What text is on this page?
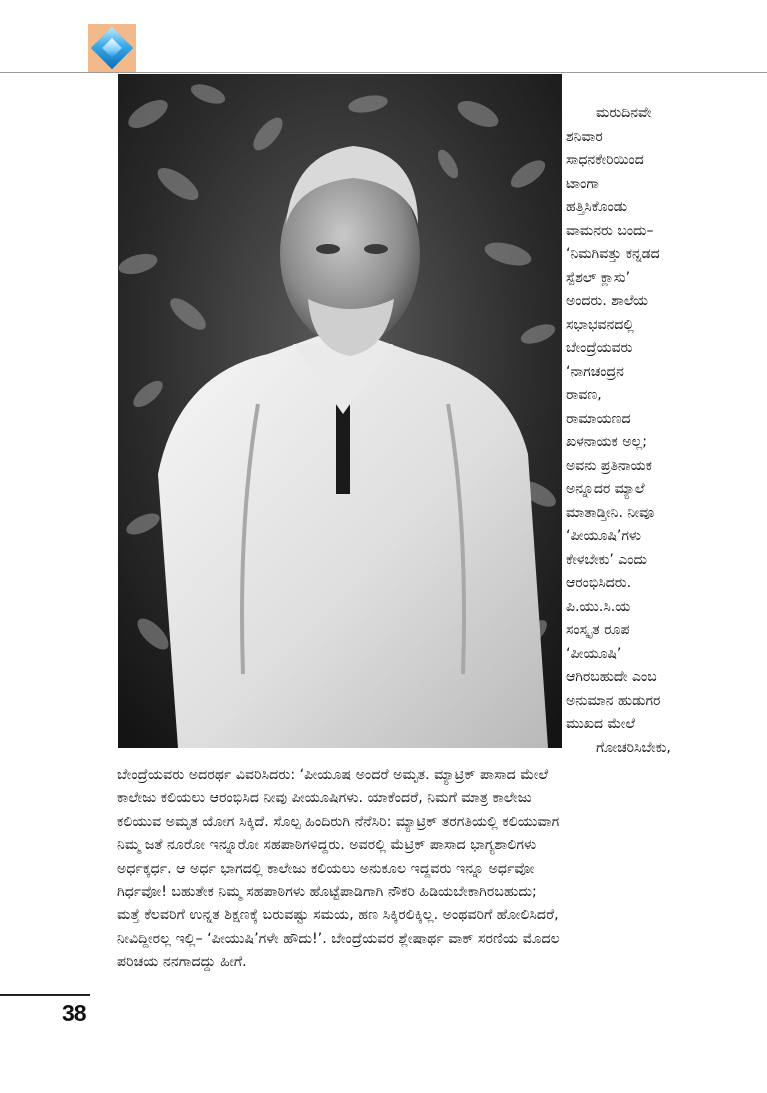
ಮರುದಿನವೇ
ಶನಿವಾರ
ಸಾಧನಕೇರಿಯಿಂದ
ಟಾಂಗಾ
ಹತ್ತಿಸಿಕೊಂಡು
ವಾಮನರು ಬಂದು–
‘ನಿಮಗಿವತ್ತು ಕನ್ನಡದ
ಸ್ಪೆಶಲ್ ಕ್ಲಾಸು’
ಅಂದರು. ಶಾಲೆಯ
ಸಭಾಭವನದಲ್ಲಿ
ಬೇಂದ್ರೆಯವರು
‘ನಾಗಚಂದ್ರನ
ರಾವಣ,
ರಾಮಾಯಣದ
ಖಳನಾಯಕ ಅಲ್ಲ;
ಅವನು ಪ್ರತಿನಾಯಕ
ಅನ್ನೂದರ ಮ್ಯಾಲೆ
ಮಾತಾಡ್ತೀನಿ. ನೀವೂ
‘ಪೀಯೂಷಿ’ಗಳು
ಕೇಳಬೇಕು’ ಎಂದು
ಆರಂಭಿಸಿದರು.
ಪಿ.ಯು.ಸಿ.ಯ
ಸಂಸ್ಕೃತ ರೂಪ
‘ಪೀಯೂಷಿ’
ಆಗಿರಬಹುದೇ ಎಂಬ
ಅನುಮಾನ ಹುಡುಗರ
ಮುಖದ ಮೇಲೆ
ಗೋಚರಿಸಿಬೇಕು,
ಬೇಂದ್ರೆಯವರು ಅದರರ್ಥ ವಿವರಿಸಿದರು: ‘ಪೀಯೂಷ ಅಂದರೆ ಅಮೃತ. ಮ್ಯಾಟ್ರಿಕ್ ಪಾಸಾದ ಮೇಲೆ
ಕಾಲೇಜು ಕಲಿಯಲು ಆರಂಭಿಸಿದ ನೀವು ಪೀಯೂಷಿಗಳು. ಯಾಕೆಂದರೆ, ನಿಮಗೆ ಮಾತ್ರ ಕಾಲೇಜು
ಕಲಿಯುವ ಅಮೃತ ಯೋಗ ಸಿಕ್ಕಿದೆ. ಸೊಲ್ಪ ಹಿಂದಿರುಗಿ ನೆನೆಸಿರಿ: ಮ್ಯಾಟ್ರಿಕ್ ತರಗತಿಯಲ್ಲಿ ಕಲಿಯುವಾಗ
ನಿಮ್ಮ ಜತೆ ನೂರೋ ಇನ್ನೂರೋ ಸಹಪಾಠಿಗಳಿದ್ದರು. ಅವರಲ್ಲಿ ಮೆಟ್ರಿಕ್ ಪಾಸಾದ ಭಾಗ್ಯಶಾಲಿಗಳು
ಅರ್ಧಕ್ಕರ್ಧ. ಆ ಅರ್ಧ ಭಾಗದಲ್ಲಿ ಕಾಲೇಜು ಕಲಿಯಲು ಅನುಕೂಲ ಇದ್ದವರು ಇನ್ನೂ ಅರ್ಧವೋ
ಗಿರ್ಧವೋ! ಬಹುತೇಕ ನಿಮ್ಮ ಸಹಪಾಠಿಗಳು ಹೊಟ್ಟೆಪಾಡಿಗಾಗಿ ನೌಕರಿ ಹಿಡಿಯಬೇಕಾಗಿರಬಹುದು;
ಮತ್ತೆ ಕೆಲವರಿಗೆ ಉನ್ನತ ಶಿಕ್ಷಣಕ್ಕೆ ಬರುವಷ್ಟು ಸಮಯ, ಹಣ ಸಿಕ್ಕಿರಲಿಕ್ಕಿಲ್ಲ. ಅಂಥವರಿಗೆ ಹೋಲಿಸಿದರೆ,
ನೀವಿದ್ದೀರಲ್ಲ ಇಲ್ಲಿ– ‘ಪೀಯುಷಿ’ಗಳೇ ಹೌದು!’. ಬೇಂದ್ರೆಯವರ ಶ್ಲೇಷಾರ್ಥ ವಾಕ್ ಸರಣಿಯ ಮೊದಲ
ಪರಿಚಯ ನನಗಾದದ್ದು ಹೀಗೆ.
38
